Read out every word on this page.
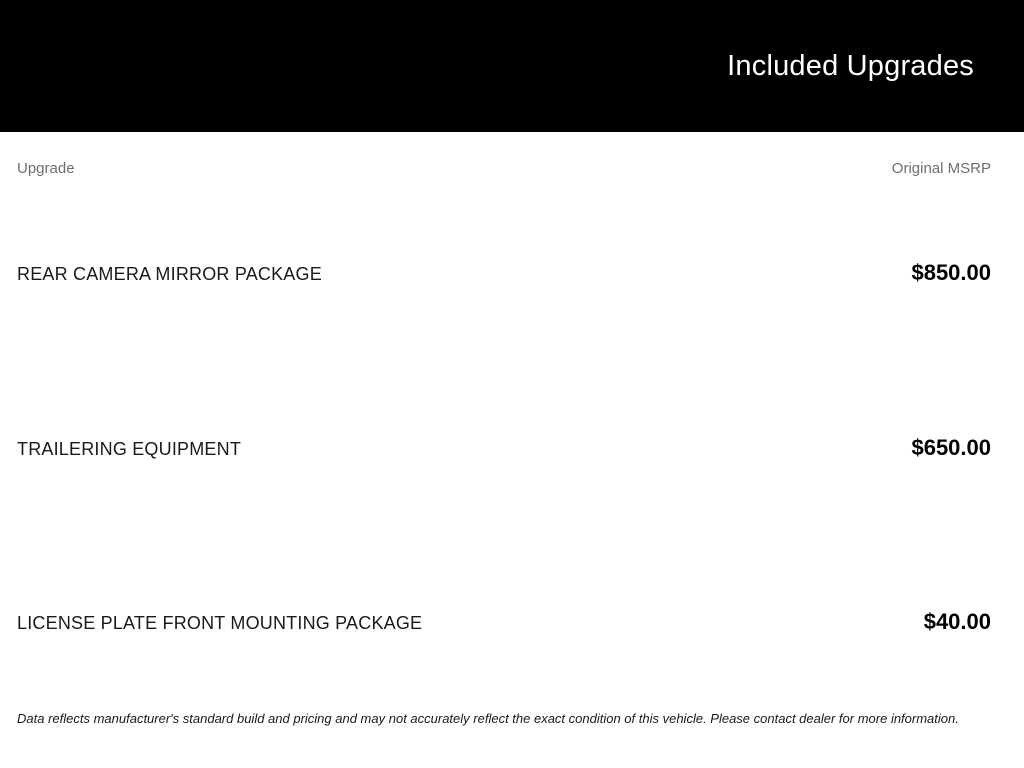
Included Upgrades
Upgrade	Original MSRP
REAR CAMERA MIRROR PACKAGE	$850.00
TRAILERING EQUIPMENT	$650.00
LICENSE PLATE FRONT MOUNTING PACKAGE	$40.00
Data reflects manufacturer's standard build and pricing and may not accurately reflect the exact condition of this vehicle. Please contact dealer for more information.
